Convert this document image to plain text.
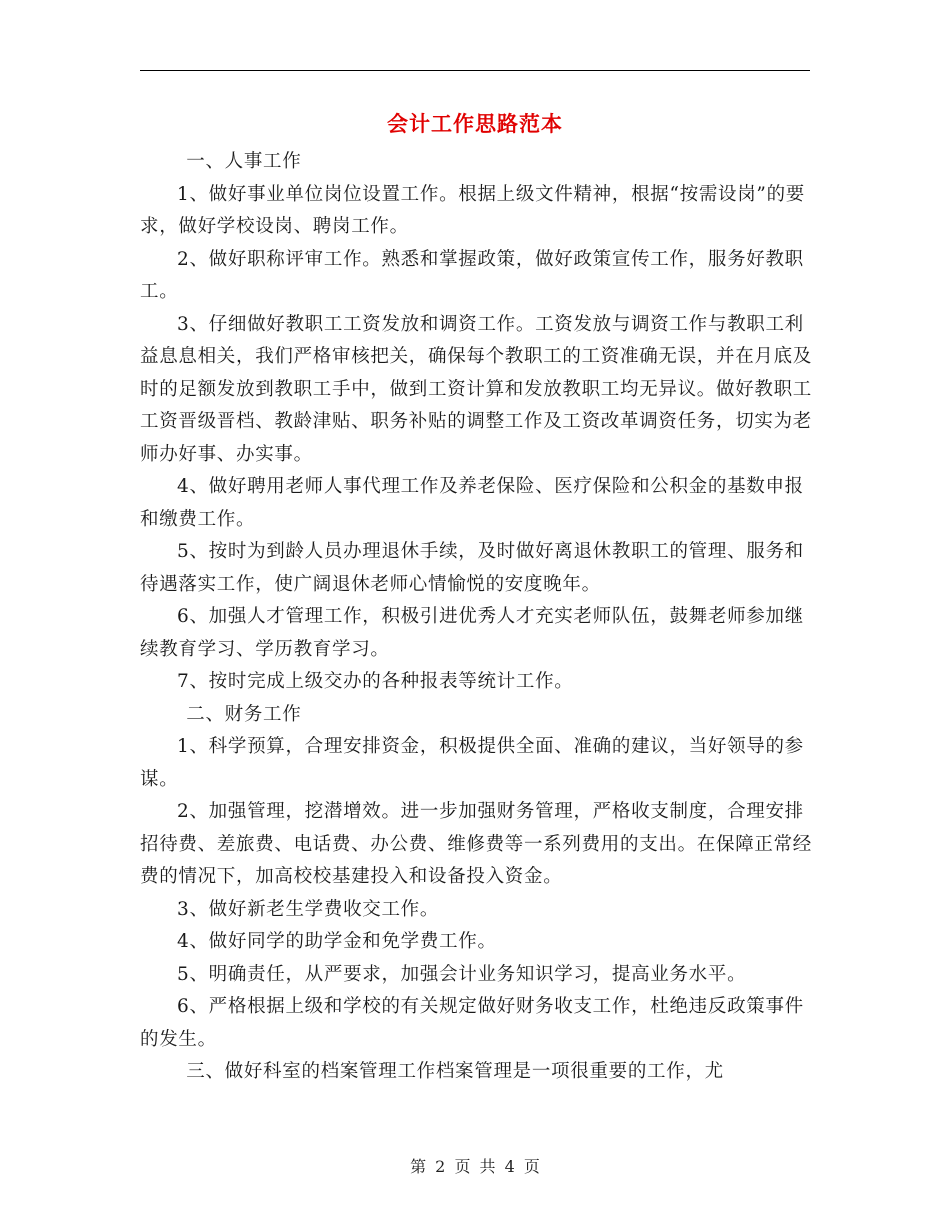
会计工作思路范本

一、人事工作

1、做好事业单位岗位设置工作。根据上级文件精神，根据“按需设岗”的要求，做好学校设岗、聘岗工作。

2、做好职称评审工作。熟悉和掌握政策，做好政策宣传工作，服务好教职工。

3、仔细做好教职工工资发放和调资工作。工资发放与调资工作与教职工利益息息相关，我们严格审核把关，确保每个教职工的工资准确无误，并在月底及时的足额发放到教职工手中，做到工资计算和发放教职工均无异议。做好教职工工资晋级晋档、教龄津贴、职务补贴的调整工作及工资改革调资任务，切实为老师办好事、办实事。

4、做好聘用老师人事代理工作及养老保险、医疗保险和公积金的基数申报和缴费工作。

5、按时为到龄人员办理退休手续，及时做好离退休教职工的管理、服务和待遇落实工作，使广阔退休老师心情愉悦的安度晚年。

6、加强人才管理工作，积极引进优秀人才充实老师队伍，鼓舞老师参加继续教育学习、学历教育学习。

7、按时完成上级交办的各种报表等统计工作。

二、财务工作

1、科学预算，合理安排资金，积极提供全面、准确的建议，当好领导的参谋。

2、加强管理，挖潜增效。进一步加强财务管理，严格收支制度，合理安排招待费、差旅费、电话费、办公费、维修费等一系列费用的支出。在保障正常经费的情况下，加高校校基建投入和设备投入资金。

3、做好新老生学费收交工作。

4、做好同学的助学金和免学费工作。

5、明确责任，从严要求，加强会计业务知识学习，提高业务水平。

6、严格根据上级和学校的有关规定做好财务收支工作，杜绝违反政策事件的发生。

三、做好科室的档案管理工作档案管理是一项很重要的工作，尤

第 2 页 共 4 页
